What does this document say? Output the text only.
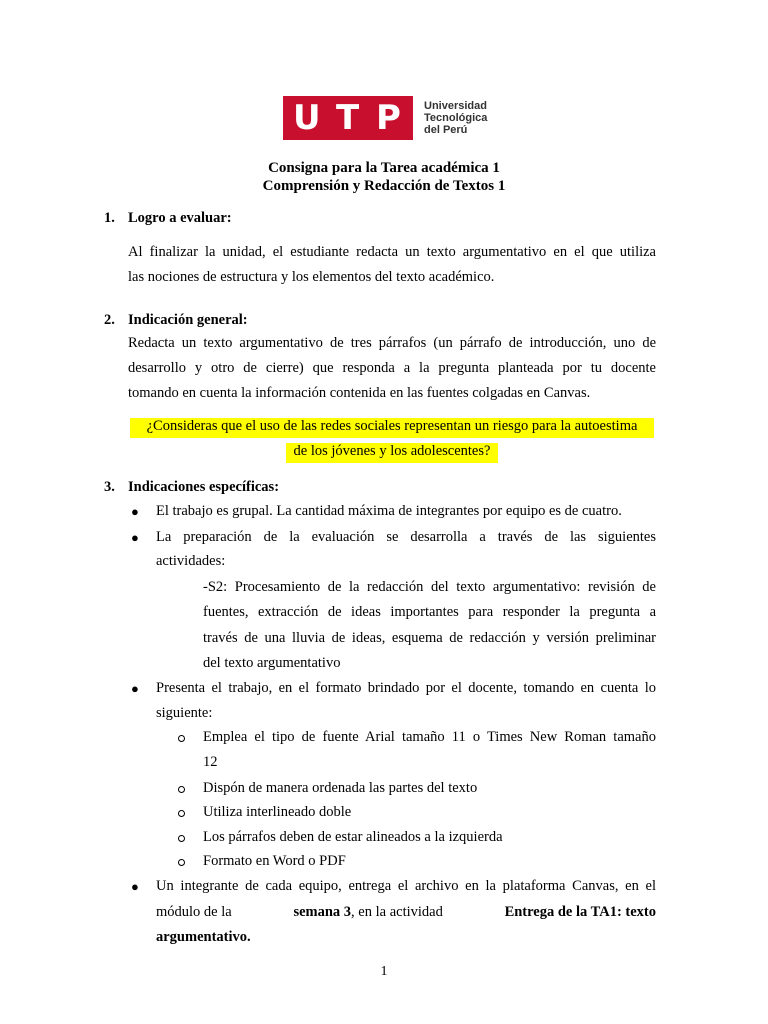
U T P Universidad
Tecnológica
del Perú
Consigna para la Tarea académica 1
Comprensión y Redacción de Textos 1
1. Logro a evaluar:
Al finalizar la unidad, el estudiante redacta un texto argumentativo en el que utiliza
las nociones de estructura y los elementos del texto académico.
2. Indicación general:
Redacta un texto argumentativo de tres párrafos (un párrafo de introducción, uno de
desarrollo y otro de cierre) que responda a la pregunta planteada por tu docente
tomando en cuenta la información contenida en las fuentes colgadas en Canvas.
¿Consideras que el uso de las redes sociales representan un riesgo para la autoestima
de los jóvenes y los adolescentes?
3. Indicaciones específicas:
● El trabajo es grupal. La cantidad máxima de integrantes por equipo es de cuatro.
● La preparación de la evaluación se desarrolla a través de las siguientes
actividades:
-S2: Procesamiento de la redacción del texto argumentativo: revisión de
fuentes, extracción de ideas importantes para responder la pregunta a
través de una lluvia de ideas, esquema de redacción y versión preliminar
del texto argumentativo
● Presenta el trabajo, en el formato brindado por el docente, tomando en cuenta lo
siguiente:
Emplea el tipo de fuente Arial tamaño 11 o Times New Roman tamaño
12
Dispón de manera ordenada las partes del texto
Utiliza interlineado doble
Los párrafos deben de estar alineados a la izquierda
Formato en Word o PDF
● Un integrante de cada equipo, entrega el archivo en la plataforma Canvas, en el
módulo de la	semana 3, en la actividad	Entrega de la TA1: texto
argumentativo.
1
